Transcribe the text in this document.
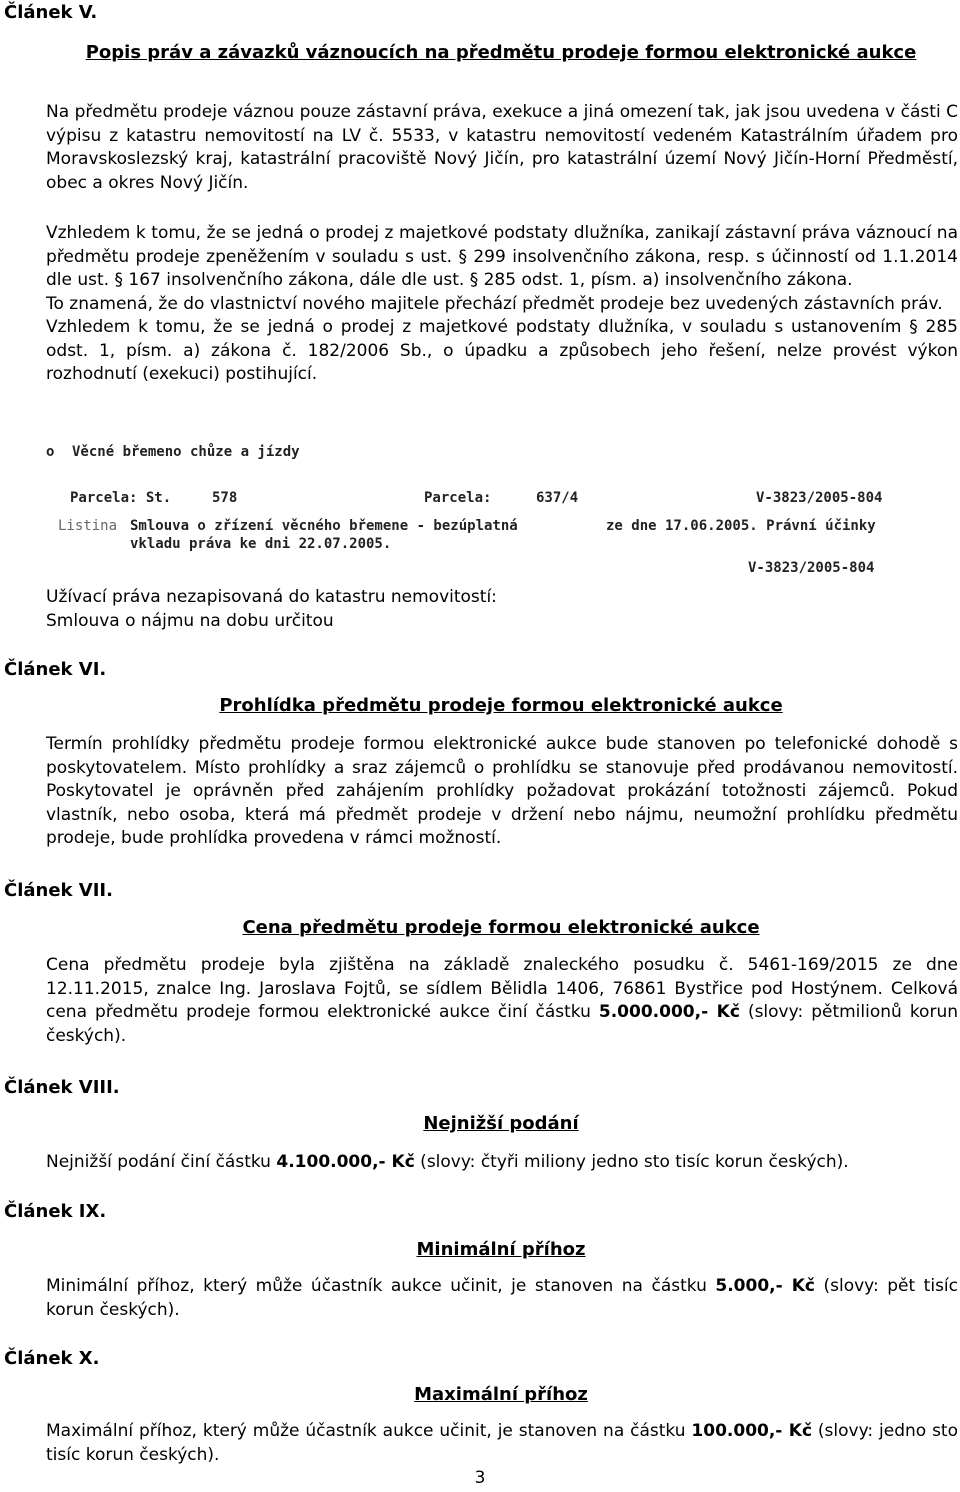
Článek V.
Popis práv a závazků váznoucích na předmětu prodeje formou elektronické aukce

Na předmětu prodeje váznou pouze zástavní práva, exekuce a jiná omezení tak, jak jsou uvedena v části C výpisu z katastru nemovitostí na LV č. 5533, v katastru nemovitostí vedeném Katastrálním úřadem pro Moravskoslezský kraj, katastrální pracoviště Nový Jičín, pro katastrální území Nový Jičín-Horní Předměstí, obec a okres Nový Jičín.

Vzhledem k tomu, že se jedná o prodej z majetkové podstaty dlužníka, zanikají zástavní práva váznoucí na předmětu prodeje zpeněžením v souladu s ust. § 299 insolvenčního zákona, resp. s účinností od 1.1.2014 dle ust. § 167 insolvenčního zákona, dále dle ust. § 285 odst. 1, písm. a) insolvenčního zákona.

To znamená, že do vlastnictví nového majitele přechází předmět prodeje bez uvedených zástavních práv.

Vzhledem k tomu, že se jedná o prodej z majetkové podstaty dlužníka, v souladu s ustanovením § 285 odst. 1, písm. a) zákona č. 182/2006 Sb., o úpadku a způsobech jeho řešení, nelze provést výkon rozhodnutí (exekuci) postihující.

o Věcné břemeno chůze a jízdy
Parcela: St.	578	Parcela:	637/4	V-3823/2005-804
Listina Smlouva o zřízení věcného břemene - bezúplatná	ze dne 17.06.2005. Právní účinky
vkladu práva ke dni 22.07.2005.
V-3823/2005-804

Užívací práva nezapisovaná do katastru nemovitostí:

Smlouva o nájmu na dobu určitou

Článek VI.
Prohlídka předmětu prodeje formou elektronické aukce

Termín prohlídky předmětu prodeje formou elektronické aukce bude stanoven po telefonické dohodě s poskytovatelem. Místo prohlídky a sraz zájemců o prohlídku se stanovuje před prodávanou nemovitostí. Poskytovatel je oprávněn před zahájením prohlídky požadovat prokázání totožnosti zájemců. Pokud vlastník, nebo osoba, která má předmět prodeje v držení nebo nájmu, neumožní prohlídku předmětu prodeje, bude prohlídka provedena v rámci možností.

Článek VII.
Cena předmětu prodeje formou elektronické aukce

Cena předmětu prodeje byla zjištěna na základě znaleckého posudku č. 5461-169/2015 ze dne 12.11.2015, znalce Ing. Jaroslava Fojtů, se sídlem Bělidla 1406, 76861 Bystřice pod Hostýnem. Celková cena předmětu prodeje formou elektronické aukce činí částku 5.000.000,- Kč (slovy: pětmilionů korun českých).

Článek VIII.
Nejnižší podání

Nejnižší podání činí částku 4.100.000,- Kč (slovy: čtyři miliony jedno sto tisíc korun českých).

Článek IX.
Minimální příhoz

Minimální příhoz, který může účastník aukce učinit, je stanoven na částku 5.000,- Kč (slovy: pět tisíc korun českých).

Článek X.
Maximální příhoz

Maximální příhoz, který může účastník aukce učinit, je stanoven na částku 100.000,- Kč (slovy: jedno sto tisíc korun českých).

3
